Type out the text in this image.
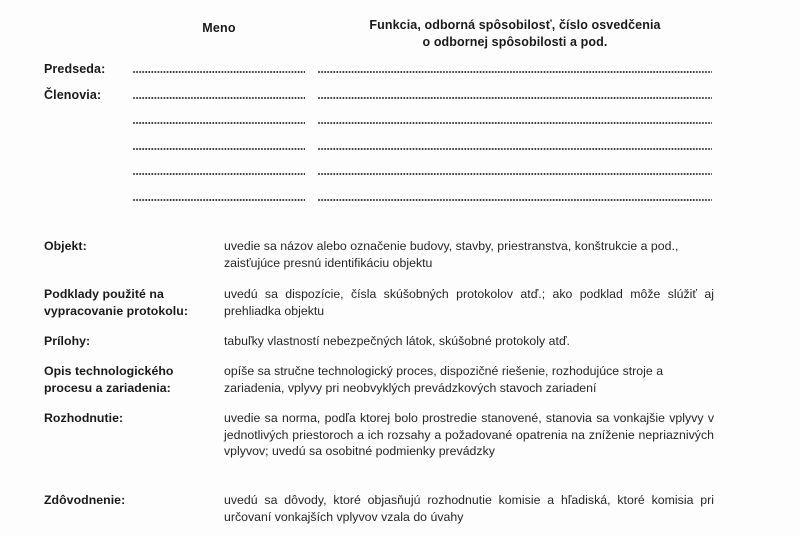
Meno	Funkcia, odborná spôsobilosť, číslo osvedčenia
o odbornej spôsobilosti a pod.
Predseda:
Členovia:
Objekt:	uvedie sa názov alebo označenie budovy, stavby, priestranstva, konštrukcie a pod., zaisťujúce presnú identifikáciu objektu
Podklady použité na vypracovanie protokolu:
uvedú sa dispozície, čísla skúšobných protokolov atď.; ako podklad môže slúžiť aj prehliadka objektu
Prílohy:	tabuľky vlastností nebezpečných látok, skúšobné protokoly atď.
Opis technologického procesu a zariadenia:
opíše sa stručne technologický proces, dispozičné riešenie, rozhodujúce stroje a zariadenia, vplyvy pri neobvyklých prevádzkových stavoch zariadení
Rozhodnutie:	uvedie sa norma, podľa ktorej bolo prostredie stanovené, stanovia sa vonkajšie vplyvy v jednotlivých priestoroch a ich rozsahy a požadované opatrenia na zníženie nepriaznivých vplyvov; uvedú sa osobitné podmienky prevádzky
Zdôvodnenie:	uvedú sa dôvody, ktoré objasňujú rozhodnutie komisie a hľadiská, ktoré komisia pri určovaní vonkajších vplyvov vzala do úvahy
